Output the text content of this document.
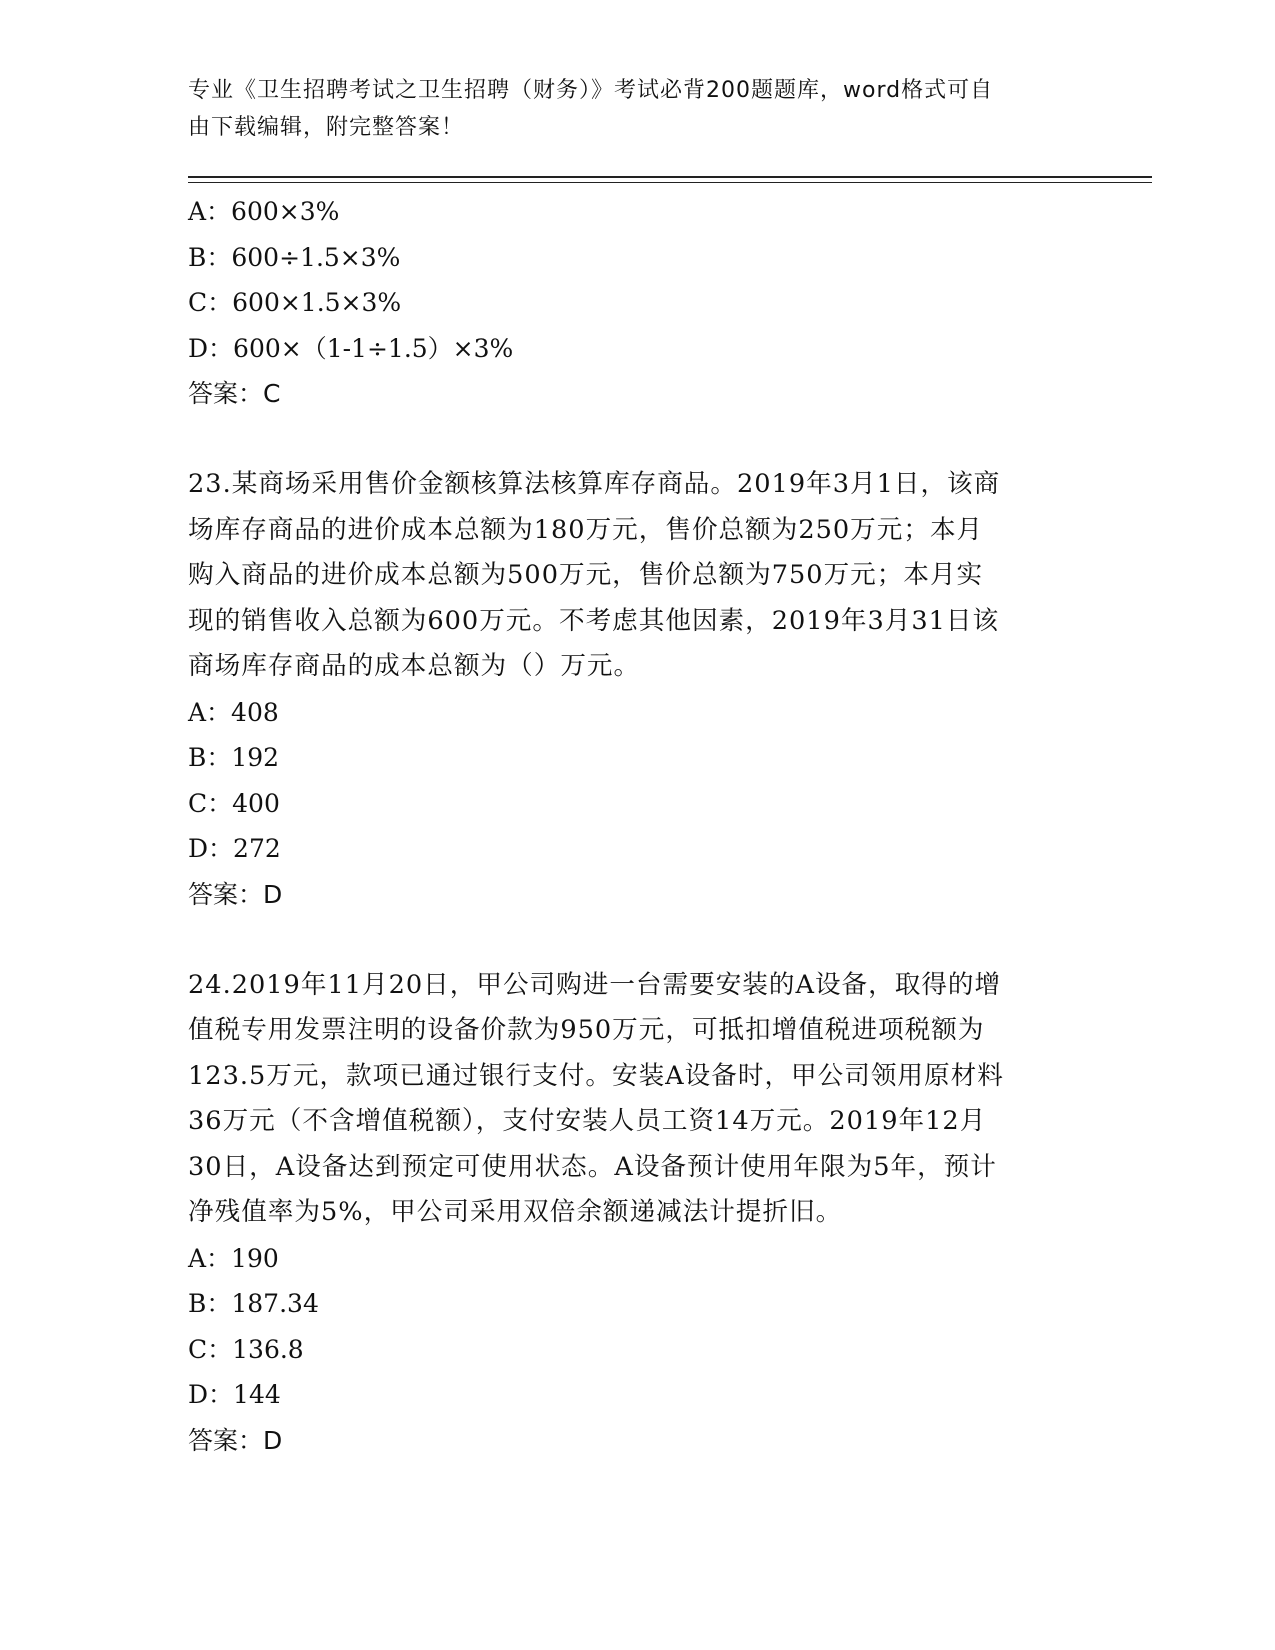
专业《卫生招聘考试之卫生招聘（财务）》考试必背200题题库，word格式可自
由下载编辑，附完整答案！
A：600×3%
B：600÷1.5×3%
C：600×1.5×3%
D：600×（1-1÷1.5）×3%
答案：C
23.某商场采用售价金额核算法核算库存商品。2019年3月1日，该商
场库存商品的进价成本总额为180万元，售价总额为250万元；本月
购入商品的进价成本总额为500万元，售价总额为750万元；本月实
现的销售收入总额为600万元。不考虑其他因素，2019年3月31日该
商场库存商品的成本总额为（）万元。
A：408
B：192
C：400
D：272
答案：D
24.2019年11月20日，甲公司购进一台需要安装的A设备，取得的增
值税专用发票注明的设备价款为950万元，可抵扣增值税进项税额为
123.5万元，款项已通过银行支付。安装A设备时，甲公司领用原材料
36万元（不含增值税额），支付安装人员工资14万元。2019年12月
30日，A设备达到预定可使用状态。A设备预计使用年限为5年，预计
净残值率为5%，甲公司采用双倍余额递减法计提折旧。
A：190
B：187.34
C：136.8
D：144
答案：D
